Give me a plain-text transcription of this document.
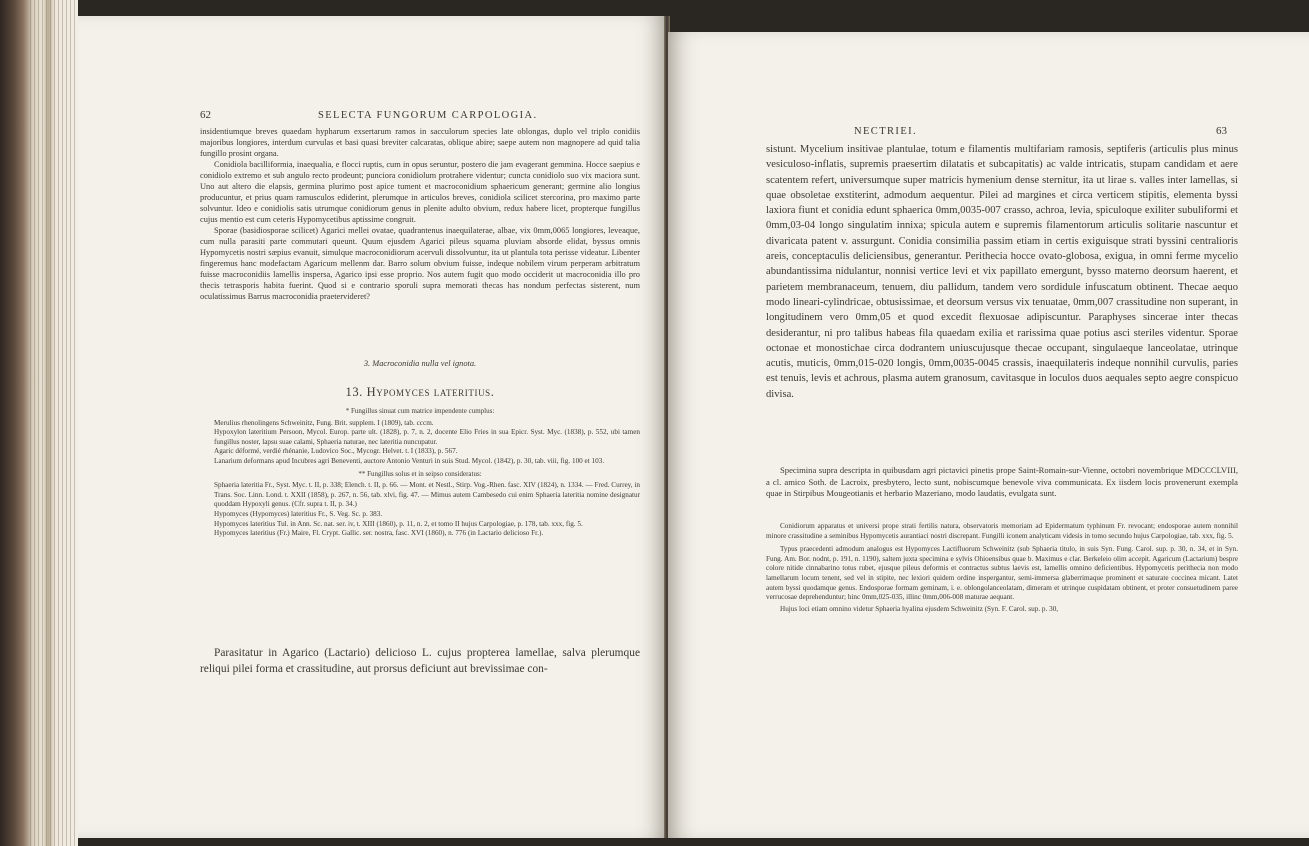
62	SELECTA FUNGORUM CARPOLOGIA.

insidentiumque breves quaedam hypharum exsertarum ramos in sacculorum species late oblongas, duplo vel triplo conidiis majoribus longiores, interdum curvulas et basi quasi breviter calcaratas, oblique abire; saepe autem non magnoperе ad quid talia fungillo prosint organa.

Conidiola bacilliformia, inaequalia, e flocci ruptis, cum in opus seruntur, postero die jam evagerant gemmina. Hocce saepius e conidiolo extremo et sub angulo recto prodeunt; punciora conidiolum protrahere videntur; cuncta conidiolo suo vix maciora sunt. Uno aut altero die elapsis, germina plurimo post apice tument et macroconidium sphaericum generant; germine alio longius producuntur, et prius quam ramusculos ediderint, plerumque in articulos breves, conidiola scilicet stercorinа, pro maximo parte solvuntur. Ideo e conidiolis satis utrumque conidiorum genus in plenite adulto obvium, redux habere licet, propterque fungillus cujus mentio est cum ceteris Hypomycetibus aptissime congruit.

Sporae (basidiosporae scilicet) Agarici mellei ovatae, quadrantenus inaequilaterae, albae, vix 0mm,0065 longiores, leveaque, cum nulla parasiti parte commutari queunt. Quum ejusdem Agarici pileus squama pluviam absorde elidat, byssus omnis Hypomycetis nostri sæpius evanuit, simulque macroconidiorum acervuli dissolvuntur, ita ut plantula tota perisse videatur. Libenter fingeremus hanc modefactam Agaricum mellenm dar. Barro solum obvium fuisse, indeque nobilem virum perperam arbitratum fuisse macroconidiis lamellis inspersa, Agarico ipsi esse proprio. Nos autem fugit quo modo occiderit ut macroconidia illo pro thecis tetrasporis habita fuerint. Quod si e contrario sporuli supra memorati thecas has nondum perfectas sisterent, num oculatissimus Barrus macroconidia praetervideret?

3. Macroconidia nulla vel ignota.
13. Hypomyces lateritius.
* Fungillus sinuat cum matrice impendente cumplus:

Merulius rhenolingens Schweinitz, Fung. Brit. supplem. I (1809), tab. cccm.

Hypoxylon lateritium Persoon, Mycol. Europ. parte ult. (1828), p. 7, n. 2, docente Elio Fries in sua Epicr. Syst. Myc. (1838), p. 552, ubi tamen fungillus noster, lapsu suae calami, Sphaeria naturae, nec lateritia nuncupatur.

Agaric déformé, verdié rhénanie, Ludovico Soc., Mycogr. Helvet. t. I (1833), p. 567.

Lanarium deformans apud Incubres agri Beneventi, auctore Antonio Venturi in suis Stud. Mycol. (1842), p. 30, tab. viii, fig. 100 et 103.

** Fungillus solus et in seipso consideratus:

Sphaeria lateritia Fr., Syst. Myc. t. II, p. 338; Elench. t. II, p. 66. — Mont. et Nestl., Stirp. Vog.-Rhen. fasc. XIV (1824), n. 1334. — Fred. Currey, in Trans. Soc. Linn. Lond. t. XXII (1858), p. 267, n. 56, tab. xlvi, fig. 47. — Mimus autem Cambesedo cui enim Sphaeria lateritia nomine designatur quoddam Hypoxyli genus. (Cfr. supra t. II, p. 34.)

Hypomyces (Hypomyces) lateritius Fr., S. Veg. Sc. p. 383.

Hypomyces lateritius Tul. in Ann. Sc. nat. ser. iv, t. XIII (1860), p. 11, n. 2, et tomo II hujus Carpologiae, p. 178, tab. xxx, fig. 5.

Hypomyces lateritius (Fr.) Maire, Fl. Crypt. Gallic. ser. nostra, fasc. XVI (1860), n. 776 (in Lactario delicioso Fr.).

Parasitatur in Agarico (Lactario) delicioso L. cujus propterea lamellae, salva plerumque reliqui pilei forma et crassitudine, aut prorsus deficiunt aut brevissimae con-

NECTRIEI.	63

sistunt. Mycelium insitivae plantulae, totum e filamentis multifariam ramosis, septiferis (articulis plus minus vesiculoso-inflatis, supremis praesertim dilatatis et subcapitatis) ac valde intricatis, stupam candidam et aere scatentem refert, universumque super matricis hymenium dense sternitur, ita ut lirae s. valles inter lamellas, si quae obsoletae exstiterint, admodum aequentur. Pilei ad margines et circa verticem stipitis, elementa byssi laxiora fiunt et conidia edunt sphaerica 0mm,0035-007 crasso, achroa, levia, spiculoque exiliter subuliformi et 0mm,03-04 longo singulatim innixa; spicula autem e supremis filamentorum articulis solitarie nascuntur et divaricata patent v. assurgunt. Conidia consimilia passim etiam in certis exiguisque strati byssini centralioris areis, conceptaculis deliciensibus, generantur. Perithecia hocce ovato-globosa, exigua, in omni ferme mycelio abundantissima nidulantur, nonnisi vertice levi et vix papillato emergunt, bysso materno deorsum haerent, et parietem membranaceum, tenuem, diu pallidum, tandem vero sordidule infuscatum obtinent. Thecae aequo modo lineari-cylindricae, obtusissimae, et deorsum versus vix tenuatae, 0mm,007 crassitudine non superant, in longitudinem vero 0mm,05 et quod excedit flexuosae adipiscuntur. Paraphyses sincerae inter thecas desiderantur, ni pro talibus habeas fila quaedam exilia et rarissima quae potius asci steriles videntur. Sporae octonae et monostichae circa dodrantem uniuscujusque thecae occupant, singulaeque lanceolatae, utrinque acutis, muticis, 0mm,015-020 longis, 0mm,0035-0045 crassis, inaequilateris indeque nonnihil curvulis, paries est tenuis, levis et achrous, plasma autem granosum, cavitasque in loculos duos aequales septo aegre conspicuo divisa.

Specimina supra descripta in quibusdam agri pictavici pinetis prope Saint-Romain-sur-Vienne, octobri novembrique MDCCCLVIII, a cl. amico Soth. de Lacroix, presbytero, lecto sunt, nobiscumque benevole viva communicata. Ex iisdem locis provenerunt exempla quae in Stirpibus Mougeotianis et herbario Mazeriano, modo laudatis, evulgata sunt.

Conidiorum apparatus et universi prope strati fertilis natura, observatoris memoriam ad Epidermatum typhinum Fr. revocant; endosporae autem nonnihil minore crassitudine a seminibus Hypomycetis aurantiaci nostri discrepant. Fungilli iconem analyticam videsis in tomo secundo hujus Carpologiae, tab. xxx, fig. 5.

Typus praecedenti admodum analogus est Hypomyces Lactifluorum Schweinitz (sub Sphaeria titulo, in suis Syn. Fung. Carol. sup. p. 30, n. 34, et in Syn. Fung. Am. Bor. nodnt, p. 191, n. 1190), saltem juxta specimina e sylvis Ohioensibus quae b. Maximus e clar. Berkeleio olim accepit. Agaricum (Lactarium) bespre colore nitide cinnabarino totus rubet, ejusque pileus deformis et contractus subtus laevis est, lamellis omnino deficientibus. Hypomycetis perithecia non modo lamellarum locum tenent, sed vel in stipite, nec lexiori quidem ordine inspergantur, semi-immersa glaberrimaque prominent et saturate coccinea micant. Latet autem byssi quodamque genus. Endosporae formam geminam, i. e. oblongolanceolatam, dimeram et utrinque cuspidatam obtinent, et proter consuetudinem paree verrucosae deprehenduntur; hinc 0mm,025-035, illinc 0mm,006-008 maturae aequant.

Hujus loci etiam omnino videtur Sphaeria hyalina ejusdem Schweinitz (Syn. F. Carol. sup. p. 30,
